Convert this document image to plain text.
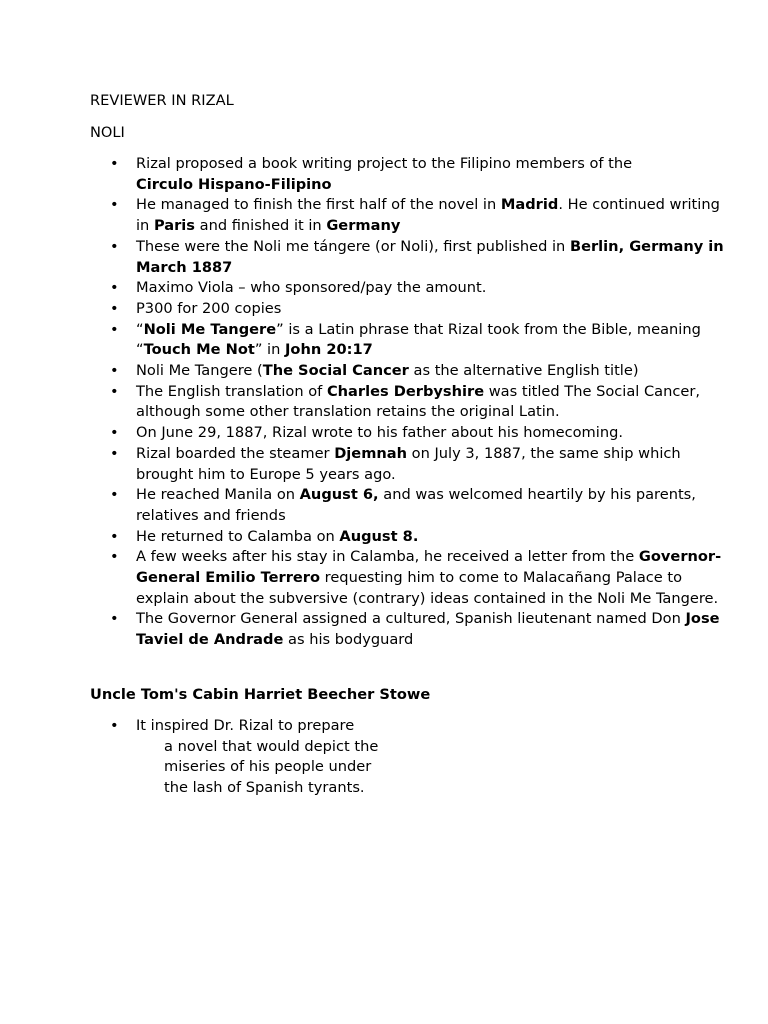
REVIEWER IN RIZAL
NOLI
• Rizal proposed a book writing project to the Filipino members of the
Circulo Hispano-Filipino
• He managed to finish the first half of the novel in Madrid. He continued writing in Paris and finished it in Germany
• These were the Noli me tángere (or Noli), first published in Berlin, Germany in  March 1887
• Maximo Viola – who sponsored/pay the amount.
• P300 for 200 copies
• “Noli Me Tangere” is a Latin phrase that Rizal took from the Bible, meaning “Touch Me Not” in John 20:17
• Noli Me Tangere (The Social Cancer as the alternative English title)
• The English translation of Charles Derbyshire was titled The Social Cancer, although some other translation retains the original Latin.
• On June 29, 1887, Rizal wrote to his father about his homecoming.
• Rizal boarded the steamer Djemnah on July 3, 1887, the same ship which brought him to Europe 5 years ago.
• He reached Manila on August 6, and was welcomed heartily by his parents, relatives and friends
• He returned to Calamba on August 8.
• A few weeks after his stay in Calamba, he received a letter from the Governor-General Emilio Terrero requesting him to come to Malacañang Palace to explain about the subversive (contrary) ideas contained in the Noli Me Tangere.
• The Governor General assigned a cultured, Spanish lieutenant named Don Jose Taviel de Andrade as his bodyguard
Uncle Tom's Cabin Harriet Beecher Stowe
• It inspired Dr. Rizal to prepare
a novel that would depict the
miseries of his people under
the lash of Spanish tyrants.
